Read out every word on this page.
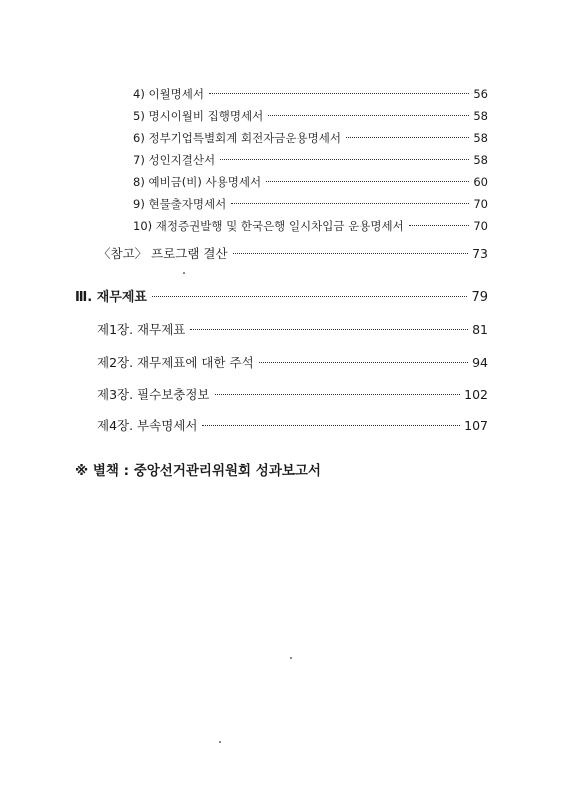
4) 이월명세서	56
5) 명시이월비 집행명세서	58
6) 정부기업특별회계 회전자금운용명세서	58
7) 성인지결산서	58
8) 예비금(비) 사용명세서	60
9) 현물출자명세서	70
10) 재정증권발행 및 한국은행 일시차입금 운용명세서	70
〈참고〉 프로그램 결산	73
Ⅲ. 재무제표	79
제1장. 재무제표	81
제2장. 재무제표에 대한 주석	94
제3장. 필수보충정보	102
제4장. 부속명세서	107
※ 별책 : 중앙선거관리위원회 성과보고서
